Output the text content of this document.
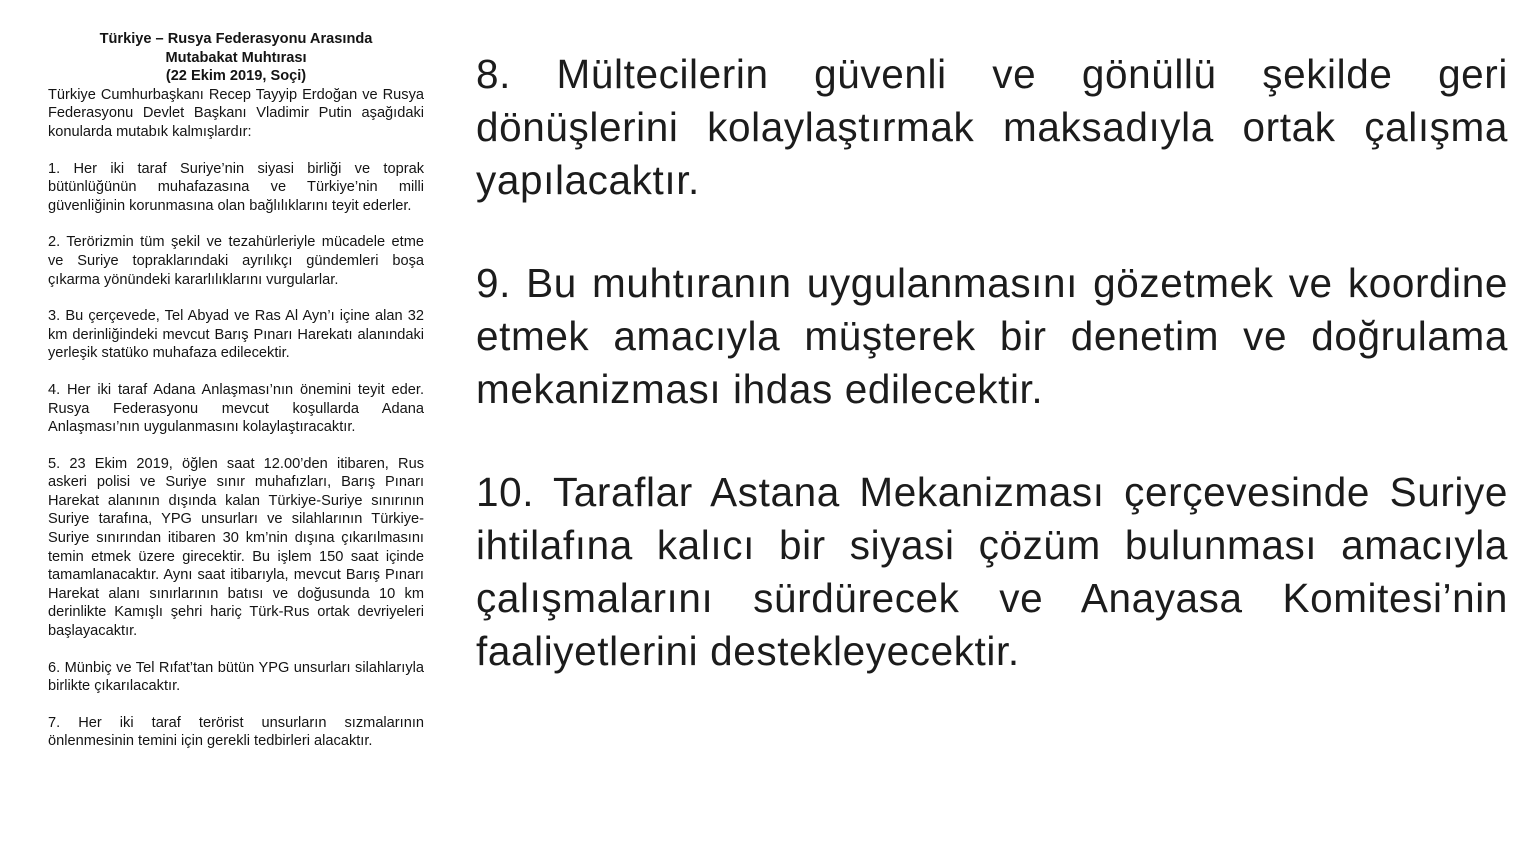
Türkiye – Rusya Federasyonu Arasında
Mutabakat Muhtırası
(22 Ekim 2019, Soçi)

Türkiye Cumhurbaşkanı Recep Tayyip Erdoğan ve Rusya Federasyonu Devlet Başkanı Vladimir Putin aşağıdaki konularda mutabık kalmışlardır:

1. Her iki taraf Suriye’nin siyasi birliği ve toprak bütünlüğünün muhafazasına ve Türkiye’nin milli güvenliğinin korunmasına olan bağlılıklarını teyit ederler.

2. Terörizmin tüm şekil ve tezahürleriyle mücadele etme ve Suriye topraklarındaki ayrılıkçı gündemleri boşa çıkarma yönündeki kararlılıklarını vurgularlar.

3. Bu çerçevede, Tel Abyad ve Ras Al Ayn’ı içine alan 32 km derinliğindeki mevcut Barış Pınarı Harekatı alanındaki yerleşik statüko muhafaza edilecektir.

4. Her iki taraf Adana Anlaşması’nın önemini teyit eder. Rusya Federasyonu mevcut koşullarda Adana Anlaşması’nın uygulanmasını kolaylaştıracaktır.

5. 23 Ekim 2019, öğlen saat 12.00’den itibaren, Rus askeri polisi ve Suriye sınır muhafızları, Barış Pınarı Harekat alanının dışında kalan Türkiye-Suriye sınırının Suriye tarafına, YPG unsurları ve silahlarının Türkiye-Suriye sınırından itibaren 30 km’nin dışına çıkarılmasını temin etmek üzere girecektir. Bu işlem 150 saat içinde tamamlanacaktır. Aynı saat itibarıyla, mevcut Barış Pınarı Harekat alanı sınırlarının batısı ve doğusunda 10 km derinlikte Kamışlı şehri hariç Türk-Rus ortak devriyeleri başlayacaktır.

6. Münbiç ve Tel Rıfat’tan bütün YPG unsurları silahlarıyla birlikte çıkarılacaktır.

7. Her iki taraf terörist unsurların sızmalarının önlenmesinin temini için gerekli tedbirleri alacaktır.

8. Mültecilerin güvenli ve gönüllü şekilde geri dönüşlerini kolaylaştırmak maksadıyla ortak çalışma yapılacaktır.

9. Bu muhtıranın uygulanmasını gözetmek ve koordine etmek amacıyla müşterek bir denetim ve doğrulama mekanizması ihdas edilecektir.

10. Taraflar Astana Mekanizması çerçevesinde Suriye ihtilafına kalıcı bir siyasi çözüm bulunması amacıyla çalışmalarını sürdürecek ve Anayasa Komitesi’nin faaliyetlerini destekleyecektir.
